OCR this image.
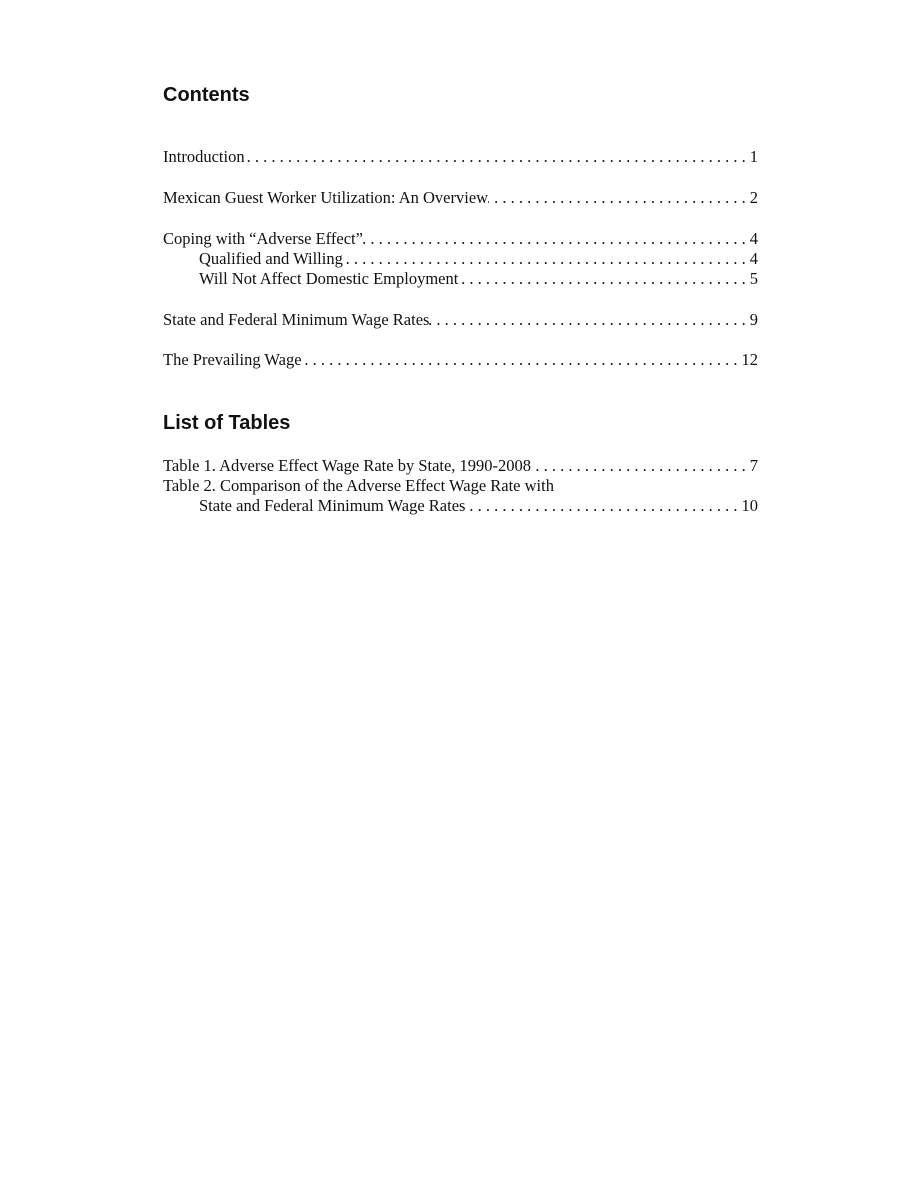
Contents
Introduction . . .	1
Mexican Guest Worker Utilization: An Overview . . .	2
Coping with “Adverse Effect” . . .	4
Qualified and Willing . . .	4
Will Not Affect Domestic Employment . . .	5
State and Federal Minimum Wage Rates . . .	9
The Prevailing Wage . . .	12
List of Tables
Table 1. Adverse Effect Wage Rate by State, 1990-2008 . . .	7
Table 2. Comparison of the Adverse Effect Wage Rate with
State and Federal Minimum Wage Rates . . .	10
